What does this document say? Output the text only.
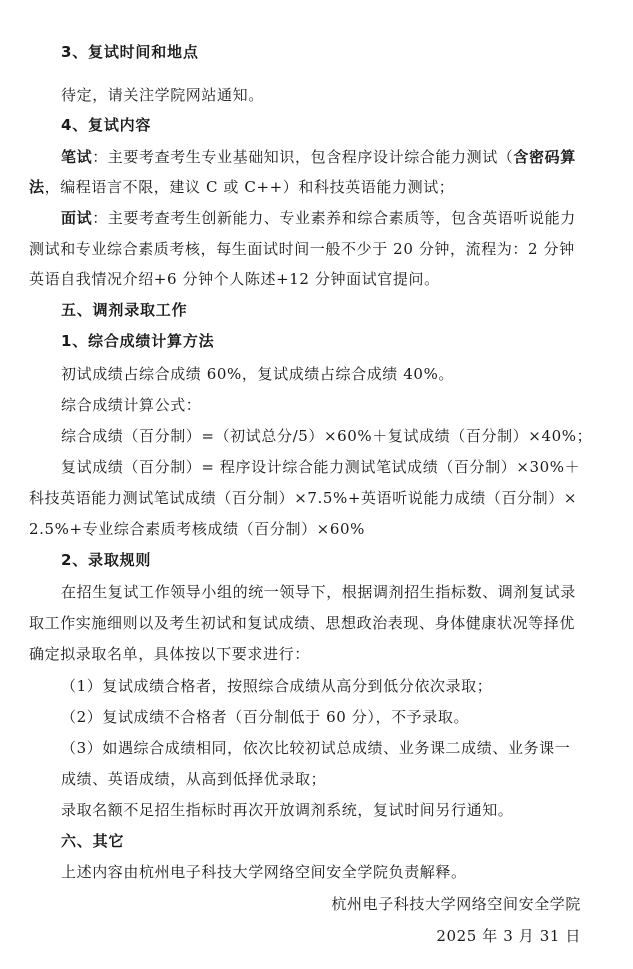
3、复试时间和地点
待定，请关注学院网站通知。
4、复试内容
笔试：主要考查考生专业基础知识，包含程序设计综合能力测试（含密码算
法，编程语言不限，建议 C 或 C++）和科技英语能力测试；
面试：主要考查考生创新能力、专业素养和综合素质等，包含英语听说能力
测试和专业综合素质考核，每生面试时间一般不少于 20 分钟，流程为：2 分钟
英语自我情况介绍+6 分钟个人陈述+12 分钟面试官提问。
五、调剂录取工作
1、综合成绩计算方法
初试成绩占综合成绩 60%，复试成绩占综合成绩 40%。
综合成绩计算公式：
综合成绩（百分制）=（初试总分/5）×60%＋复试成绩（百分制）×40%；
复试成绩（百分制）= 程序设计综合能力测试笔试成绩（百分制）×30%＋
科技英语能力测试笔试成绩（百分制）×7.5%+英语听说能力成绩（百分制）×
2.5%+专业综合素质考核成绩（百分制）×60%
2、录取规则
在招生复试工作领导小组的统一领导下，根据调剂招生指标数、调剂复试录
取工作实施细则以及考生初试和复试成绩、思想政治表现、身体健康状况等择优
确定拟录取名单，具体按以下要求进行：
（1）复试成绩合格者，按照综合成绩从高分到低分依次录取；
（2）复试成绩不合格者（百分制低于 60 分），不予录取。
（3）如遇综合成绩相同，依次比较初试总成绩、业务课二成绩、业务课一
成绩、英语成绩，从高到低择优录取；
录取名额不足招生指标时再次开放调剂系统，复试时间另行通知。
六、其它
上述内容由杭州电子科技大学网络空间安全学院负责解释。
杭州电子科技大学网络空间安全学院
2025 年 3 月 31 日
